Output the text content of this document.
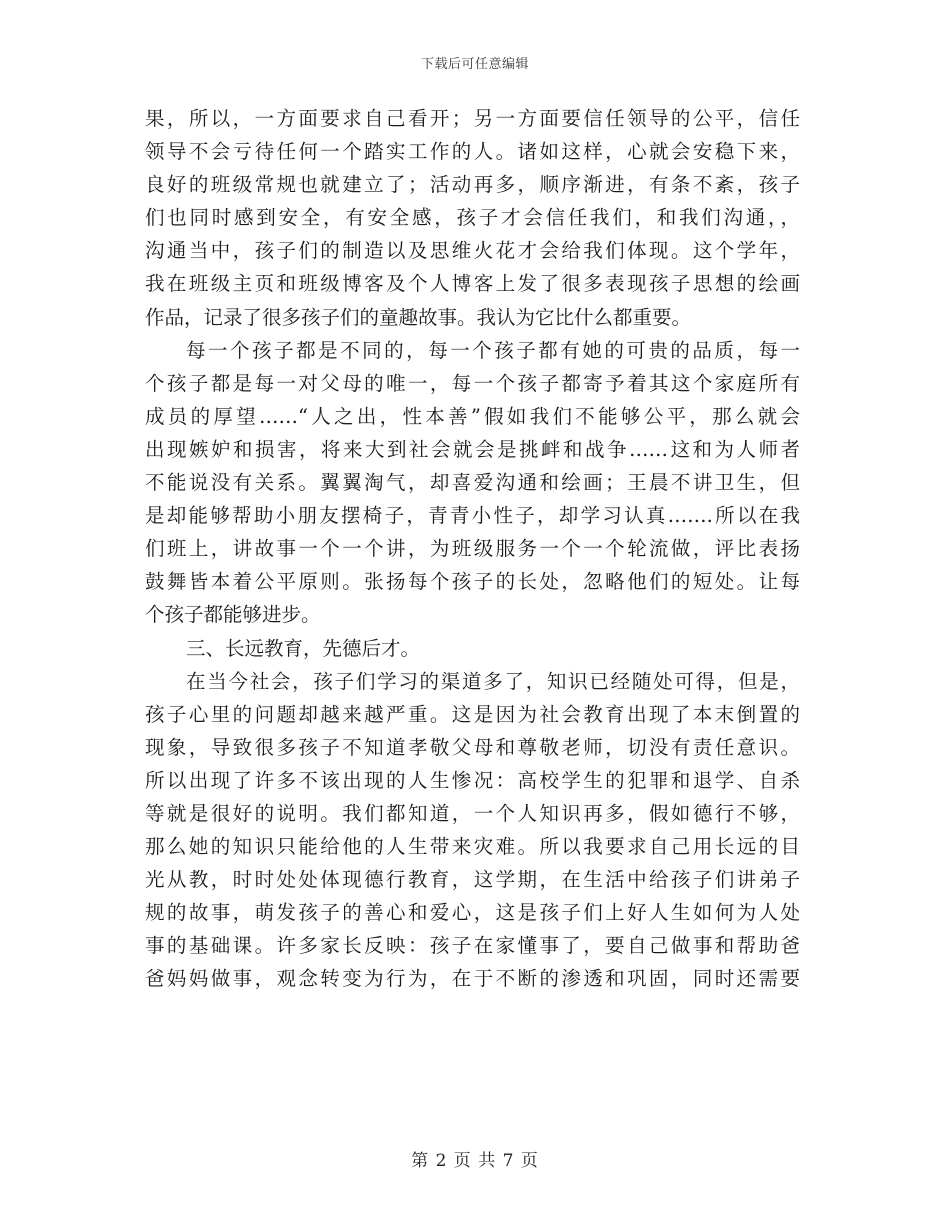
下载后可任意编辑
果，所以，一方面要求自己看开；另一方面要信任领导的公平，信任
领导不会亏待任何一个踏实工作的人。诸如这样，心就会安稳下来，
良好的班级常规也就建立了；活动再多，顺序渐进，有条不紊，孩子
们也同时感到安全，有安全感，孩子才会信任我们，和我们沟通，，
沟通当中，孩子们的制造以及思维火花才会给我们体现。这个学年，
我在班级主页和班级博客及个人博客上发了很多表现孩子思想的绘画
作品，记录了很多孩子们的童趣故事。我认为它比什么都重要。
每一个孩子都是不同的，每一个孩子都有她的可贵的品质，每一
个孩子都是每一对父母的唯一，每一个孩子都寄予着其这个家庭所有
成员的厚望……“人之出，性本善”假如我们不能够公平，那么就会
出现嫉妒和损害，将来大到社会就会是挑衅和战争……这和为人师者
不能说没有关系。翼翼淘气，却喜爱沟通和绘画；王晨不讲卫生，但
是却能够帮助小朋友摆椅子，青青小性子，却学习认真…….所以在我
们班上，讲故事一个一个讲，为班级服务一个一个轮流做，评比表扬
鼓舞皆本着公平原则。张扬每个孩子的长处，忽略他们的短处。让每
个孩子都能够进步。
三、长远教育，先德后才。
在当今社会，孩子们学习的渠道多了，知识已经随处可得，但是，
孩子心里的问题却越来越严重。这是因为社会教育出现了本末倒置的
现象，导致很多孩子不知道孝敬父母和尊敬老师，切没有责任意识。
所以出现了许多不该出现的人生惨况：高校学生的犯罪和退学、自杀
等就是很好的说明。我们都知道，一个人知识再多，假如德行不够，
那么她的知识只能给他的人生带来灾难。所以我要求自己用长远的目
光从教，时时处处体现德行教育，这学期，在生活中给孩子们讲弟子
规的故事，萌发孩子的善心和爱心，这是孩子们上好人生如何为人处
事的基础课。许多家长反映：孩子在家懂事了，要自己做事和帮助爸
爸妈妈做事，观念转变为行为，在于不断的渗透和巩固，同时还需要
第 2 页 共 7 页
